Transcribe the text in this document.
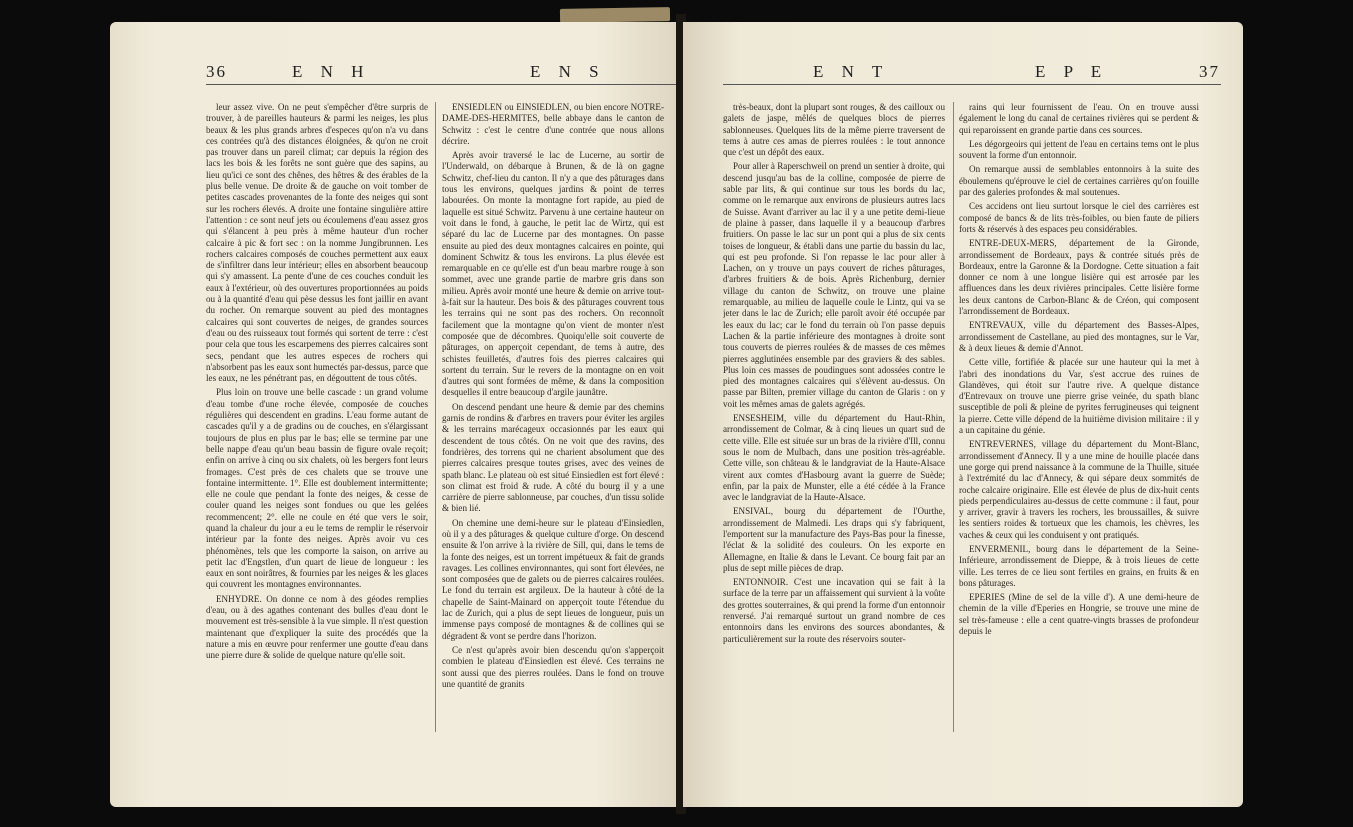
36	E N H	E N S

leur assez vive. On ne peut s'empêcher d'être surpris de trouver, à de pareilles hauteurs & parmi les neiges, les plus beaux & les plus grands arbres d'especes qu'on n'a vu dans ces contrées qu'à des distances éloignées, & qu'on ne croit pas trouver dans un pareil climat; car depuis la région des lacs les bois & les forêts ne sont guère que des sapins, au lieu qu'ici ce sont des chênes, des hêtres & des érables de la plus belle venue. De droite & de gauche on voit tomber de petites cascades provenantes de la fonte des neiges qui sont sur les rochers élevés. A droite une fontaine singulière attire l'attention : ce sont neuf jets ou écoulemens d'eau assez gros qui s'élancent à peu près à même hauteur d'un rocher calcaire à pic & fort sec : on la nomme Jungibrunnen. Les rochers calcaires composés de couches permettent aux eaux de s'infiltrer dans leur intérieur; elles en absorbent beaucoup qui s'y amassent. La pente d'une de ces couches conduit les eaux à l'extérieur, où des ouvertures proportionnées au poids ou à la quantité d'eau qui pèse dessus les font jaillir en avant du rocher. On remarque souvent au pied des montagnes calcaires qui sont couvertes de neiges, de grandes sources d'eau ou des ruisseaux tout formés qui sortent de terre : c'est pour cela que tous les escarpemens des pierres calcaires sont secs, pendant que les autres especes de rochers qui n'absorbent pas les eaux sont humectés par-dessus, parce que les eaux, ne les pénétrant pas, en dégouttent de tous côtés.

Plus loin on trouve une belle cascade : un grand volume d'eau tombe d'une roche élevée, composée de couches régulières qui descendent en gradins. L'eau forme autant de cascades qu'il y a de gradins ou de couches, en s'élargissant toujours de plus en plus par le bas; elle se termine par une belle nappe d'eau qu'un beau bassin de figure ovale reçoit; enfin on arrive à cinq ou six chalets, où les bergers font leurs fromages. C'est près de ces chalets que se trouve une fontaine intermittente. 1°. Elle est doublement intermittente; elle ne coule que pendant la fonte des neiges, & cesse de couler quand les neiges sont fondues ou que les gelées recommencent; 2°. elle ne coule en été que vers le soir, quand la chaleur du jour a eu le tems de remplir le réservoir intérieur par la fonte des neiges. Après avoir vu ces phénomènes, tels que les comporte la saison, on arrive au petit lac d'Engstlen, d'un quart de lieue de longueur : les eaux en sont noirâtres, & fournies par les neiges & les glaces qui couvrent les montagnes environnantes.

ENHYDRE. On donne ce nom à des géodes remplies d'eau, ou à des agathes contenant des bulles d'eau dont le mouvement est très-sensible à la vue simple. Il n'est question maintenant que d'expliquer la suite des procédés que la nature a mis en œuvre pour renfermer une goutte d'eau dans une pierre dure & solide de quelque nature qu'elle soit.

ENSIEDLEN ou EINSIEDLEN, ou bien encore NOTRE-DAME-DES-HERMITES, belle abbaye dans le canton de Schwitz : c'est le centre d'une contrée que nous allons décrire.

Après avoir traversé le lac de Lucerne, au sortir de l'Underwald, on débarque à Brunen, & de là on gagne Schwitz, chef-lieu du canton. Il n'y a que des pâturages dans tous les environs, quelques jardins & point de terres labourées. On monte la montagne fort rapide, au pied de laquelle est situé Schwitz. Parvenu à une certaine hauteur on voit dans le fond, à gauche, le petit lac de Wirtz, qui est séparé du lac de Lucerne par des montagnes. On passe ensuite au pied des deux montagnes calcaires en pointe, qui dominent Schwitz & tous les environs. La plus élevée est remarquable en ce qu'elle est d'un beau marbre rouge à son sommet, avec une grande partie de marbre gris dans son milieu. Après avoir monté une heure & demie on arrive tout-à-fait sur la hauteur. Des bois & des pâturages couvrent tous les terrains qui ne sont pas des rochers. On reconnoît facilement que la montagne qu'on vient de monter n'est composée que de décombres. Quoiqu'elle soit couverte de pâturages, on apperçoit cependant, de tems à autre, des schistes feuilletés, d'autres fois des pierres calcaires qui sortent du terrain. Sur le revers de la montagne on en voit d'autres qui sont formées de même, & dans la composition desquelles il entre beaucoup d'argile jaunâtre.

On descend pendant une heure & demie par des chemins garnis de rondins & d'arbres en travers pour éviter les argiles & les terrains marécageux occasionnés par les eaux qui descendent de tous côtés. On ne voit que des ravins, des fondrières, des torrens qui ne charient absolument que des pierres calcaires presque toutes grises, avec des veines de spath blanc. Le plateau où est situé Einsiedlen est fort élevé : son climat est froid & rude. A côté du bourg il y a une carrière de pierre sablonneuse, par couches, d'un tissu solide & bien lié.

On chemine une demi-heure sur le plateau d'Einsiedlen, où il y a des pâturages & quelque culture d'orge. On descend ensuite & l'on arrive à la rivière de Sill, qui, dans le tems de la fonte des neiges, est un torrent impétueux & fait de grands ravages. Les collines environnantes, qui sont fort élevées, ne sont composées que de galets ou de pierres calcaires roulées. Le fond du terrain est argileux. De la hauteur à côté de la chapelle de Saint-Mainard on apperçoit toute l'étendue du lac de Zurich, qui a plus de sept lieues de longueur, puis un immense pays composé de montagnes & de collines qui se dégradent & vont se perdre dans l'horizon.

Ce n'est qu'après avoir bien descendu qu'on s'apperçoit combien le plateau d'Einsiedlen est élevé. Ces terrains ne sont aussi que des pierres roulées. Dans le fond on trouve une quantité de granits

E N T	E P E	37

très-beaux, dont la plupart sont rouges, & des cailloux ou galets de jaspe, mêlés de quelques blocs de pierres sablonneuses. Quelques lits de la même pierre traversent de tems à autre ces amas de pierres roulées : le tout annonce que c'est un dépôt des eaux.

Pour aller à Raperschweil on prend un sentier à droite, qui descend jusqu'au bas de la colline, composée de pierre de sable par lits, & qui continue sur tous les bords du lac, comme on le remarque aux environs de plusieurs autres lacs de Suisse. Avant d'arriver au lac il y a une petite demi-lieue de plaine à passer, dans laquelle il y a beaucoup d'arbres fruitiers. On passe le lac sur un pont qui a plus de six cents toises de longueur, & établi dans une partie du bassin du lac, qui est peu profonde. Si l'on repasse le lac pour aller à Lachen, on y trouve un pays couvert de riches pâturages, d'arbres fruitiers & de bois. Après Richenburg, dernier village du canton de Schwitz, on trouve une plaine remarquable, au milieu de laquelle coule le Lintz, qui va se jeter dans le lac de Zurich; elle paroît avoir été occupée par les eaux du lac; car le fond du terrain où l'on passe depuis Lachen & la partie inférieure des montagnes à droite sont tous couverts de pierres roulées & de masses de ces mêmes pierres agglutinées ensemble par des graviers & des sables. Plus loin ces masses de poudingues sont adossées contre le pied des montagnes calcaires qui s'élèvent au-dessus. On passe par Bilten, premier village du canton de Glaris : on y voit les mêmes amas de galets agrégés.

ENSESHEIM, ville du département du Haut-Rhin, arrondissement de Colmar, & à cinq lieues un quart sud de cette ville. Elle est située sur un bras de la rivière d'Ill, connu sous le nom de Mulbach, dans une position très-agréable. Cette ville, son château & le landgraviat de la Haute-Alsace virent aux comtes d'Hasbourg avant la guerre de Suède; enfin, par la paix de Munster, elle a été cédée à la France avec le landgraviat de la Haute-Alsace.

ENSIVAL, bourg du département de l'Ourthe, arrondissement de Malmedi. Les draps qui s'y fabriquent, l'emportent sur la manufacture des Pays-Bas pour la finesse, l'éclat & la solidité des couleurs. On les exporte en Allemagne, en Italie & dans le Levant. Ce bourg fait par an plus de sept mille pièces de drap.

ENTONNOIR. C'est une incavation qui se fait à la surface de la terre par un affaissement qui survient à la voûte des grottes souterraines, & qui prend la forme d'un entonnoir renversé. J'ai remarqué surtout un grand nombre de ces entonnoirs dans les environs des sources abondantes, & particulièrement sur la route des réservoirs souter-

rains qui leur fournissent de l'eau. On en trouve aussi également le long du canal de certaines rivières qui se perdent & qui reparoissent en grande partie dans ces sources.

Les dégorgeoirs qui jettent de l'eau en certains tems ont le plus souvent la forme d'un entonnoir.

On remarque aussi de semblables entonnoirs à la suite des éboulemens qu'éprouve le ciel de certaines carrières qu'on fouille par des galeries profondes & mal soutenues.

Ces accidens ont lieu surtout lorsque le ciel des carrières est composé de bancs & de lits très-foibles, ou bien faute de piliers forts & réservés à des espaces peu considérables.

ENTRE-DEUX-MERS, département de la Gironde, arrondissement de Bordeaux, pays & contrée situés près de Bordeaux, entre la Garonne & la Dordogne. Cette situation a fait donner ce nom à une longue lisière qui est arrosée par les affluences dans les deux rivières principales. Cette lisière forme les deux cantons de Carbon-Blanc & de Créon, qui composent l'arrondissement de Bordeaux.

ENTREVAUX, ville du département des Basses-Alpes, arrondissement de Castellane, au pied des montagnes, sur le Var, & à deux lieues & demie d'Annot.

Cette ville, fortifiée & placée sur une hauteur qui la met à l'abri des inondations du Var, s'est accrue des ruines de Glandèves, qui étoit sur l'autre rive. A quelque distance d'Entrevaux on trouve une pierre grise veinée, du spath blanc susceptible de poli & pleine de pyrites ferrugineuses qui teignent la pierre. Cette ville dépend de la huitième division militaire : il y a un capitaine du génie.

ENTREVERNES, village du département du Mont-Blanc, arrondissement d'Annecy. Il y a une mine de houille placée dans une gorge qui prend naissance à la commune de la Thuille, située à l'extrémité du lac d'Annecy, & qui sépare deux sommités de roche calcaire originaire. Elle est élevée de plus de dix-huit cents pieds perpendiculaires au-dessus de cette commune : il faut, pour y arriver, gravir à travers les rochers, les broussailles, & suivre les sentiers roides & tortueux que les chamois, les chèvres, les vaches & ceux qui les conduisent y ont pratiqués.

ENVERMENIL, bourg dans le département de la Seine-Inférieure, arrondissement de Dieppe, & à trois lieues de cette ville. Les terres de ce lieu sont fertiles en grains, en fruits & en bons pâturages.

EPERIES (Mine de sel de la ville d'). A une demi-heure de chemin de la ville d'Eperies en Hongrie, se trouve une mine de sel très-fameuse : elle a cent quatre-vingts brasses de profondeur depuis le
